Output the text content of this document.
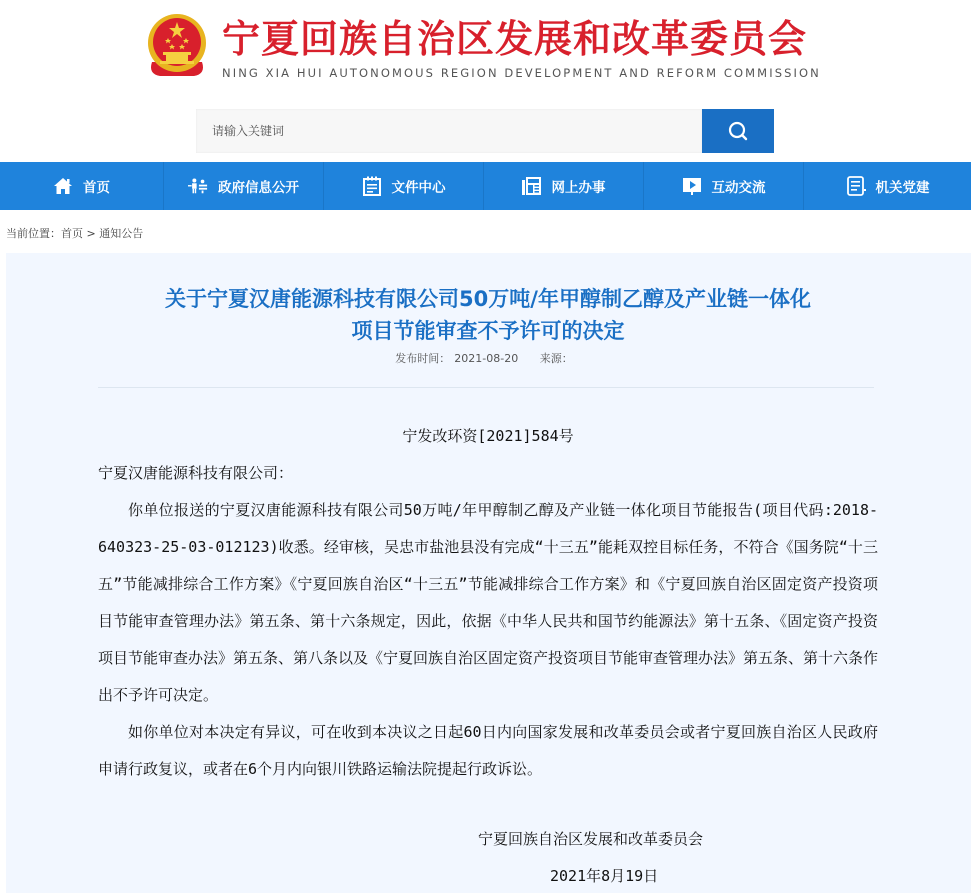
宁夏回族自治区发展和改革委员会
NING XIA HUI AUTONOMOUS REGION DEVELOPMENT AND REFORM COMMISSION
请输入关键词
首页	政府信息公开	文件中心	网上办事	互动交流	机关党建
当前位置：首页 > 通知公告
关于宁夏汉唐能源科技有限公司50万吨/年甲醇制乙醇及产业链一体化
项目节能审查不予许可的决定
发布时间： 2021-08-20 来源：
宁发改环资[2021]584号
宁夏汉唐能源科技有限公司：
你单位报送的宁夏汉唐能源科技有限公司50万吨/年甲醇制乙醇及产业链一体化项目节能报告(项目代码:2018-640323-25-03-012123)收悉。经审核，吴忠市盐池县没有完成“十三五”能耗双控目标任务，不符合《国务院“十三五”节能减排综合工作方案》《宁夏回族自治区“十三五”节能减排综合工作方案》和《宁夏回族自治区固定资产投资项目节能审查管理办法》第五条、第十六条规定，因此，依据《中华人民共和国节约能源法》第十五条、《固定资产投资项目节能审查办法》第五条、第八条以及《宁夏回族自治区固定资产投资项目节能审查管理办法》第五条、第十六条作出不予许可决定。
如你单位对本决定有异议，可在收到本决议之日起60日内向国家发展和改革委员会或者宁夏回族自治区人民政府申请行政复议，或者在6个月内向银川铁路运输法院提起行政诉讼。
宁夏回族自治区发展和改革委员会
2021年8月19日
